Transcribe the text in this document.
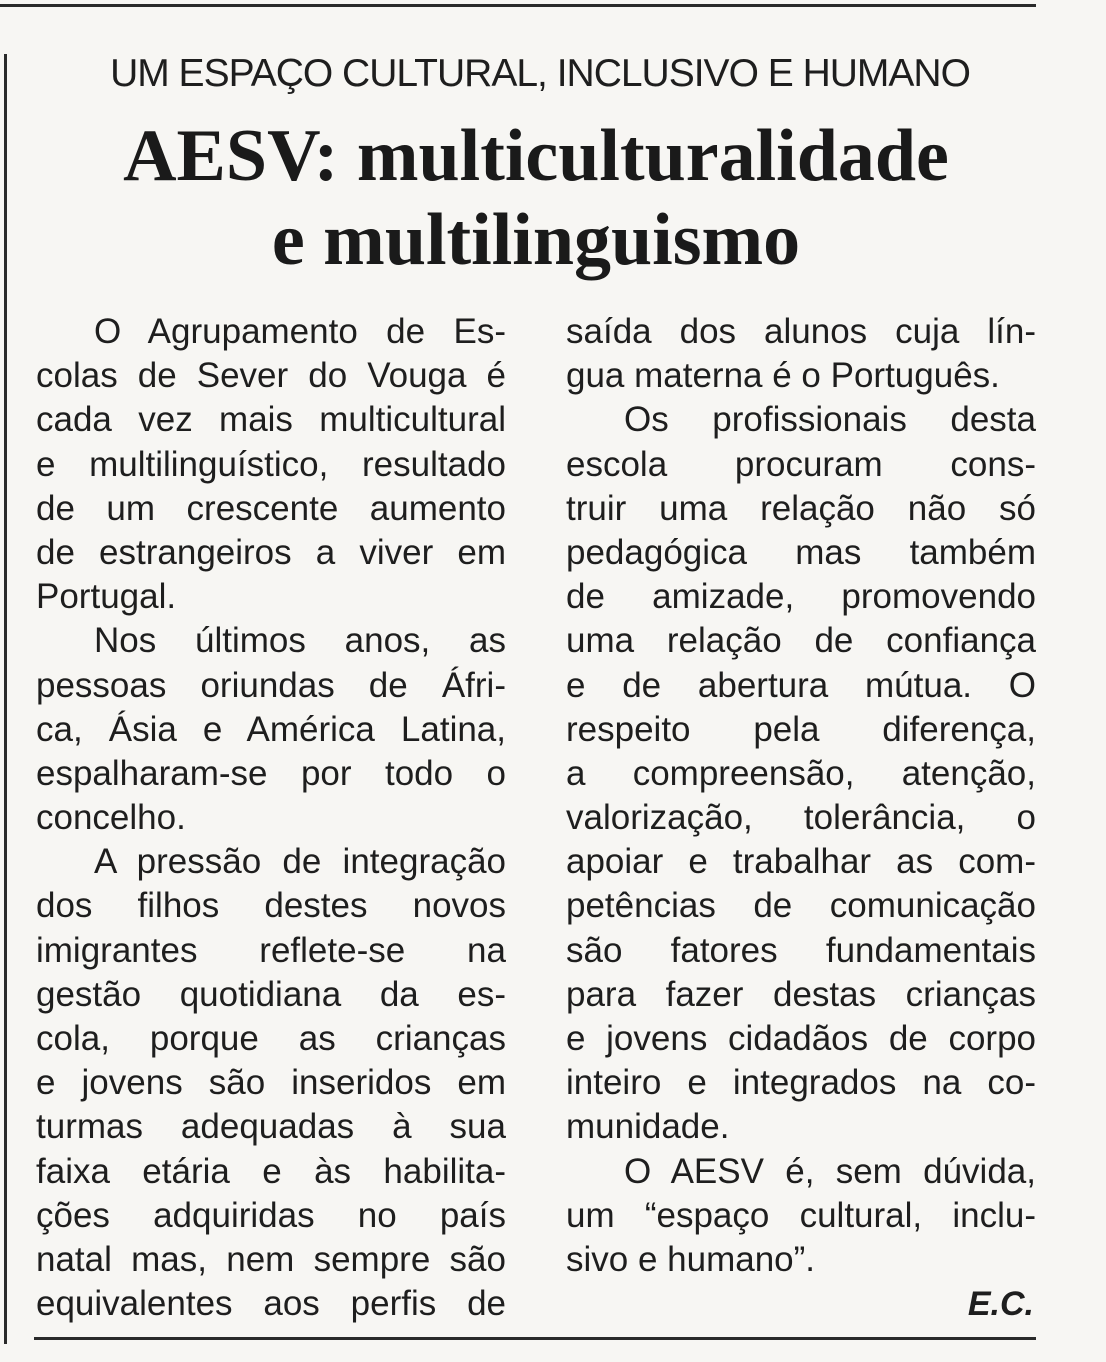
UM ESPAÇO CULTURAL, INCLUSIVO E HUMANO
AESV: multiculturalidade
e multilinguismo
O Agrupamento de Es-
colas de Sever do Vouga é
cada vez mais multicultural
e multilinguístico, resultado
de um crescente aumento
de estrangeiros a viver em
Portugal.
Nos últimos anos, as
pessoas oriundas de Áfri-
ca, Ásia e América Latina,
espalharam-se por todo o
concelho.
A pressão de integração
dos filhos destes novos
imigrantes reflete-se na
gestão quotidiana da es-
cola, porque as crianças
e jovens são inseridos em
turmas adequadas à sua
faixa etária e às habilita-
ções adquiridas no país
natal mas, nem sempre são
equivalentes aos perfis de
saída dos alunos cuja lín-
gua materna é o Português.
Os profissionais desta
escola procuram cons-
truir uma relação não só
pedagógica mas também
de amizade, promovendo
uma relação de confiança
e de abertura mútua. O
respeito pela diferença,
a compreensão, atenção,
valorização, tolerância, o
apoiar e trabalhar as com-
petências de comunicação
são fatores fundamentais
para fazer destas crianças
e jovens cidadãos de corpo
inteiro e integrados na co-
munidade.
O AESV é, sem dúvida,
um “espaço cultural, inclu-
sivo e humano”.
E.C.
